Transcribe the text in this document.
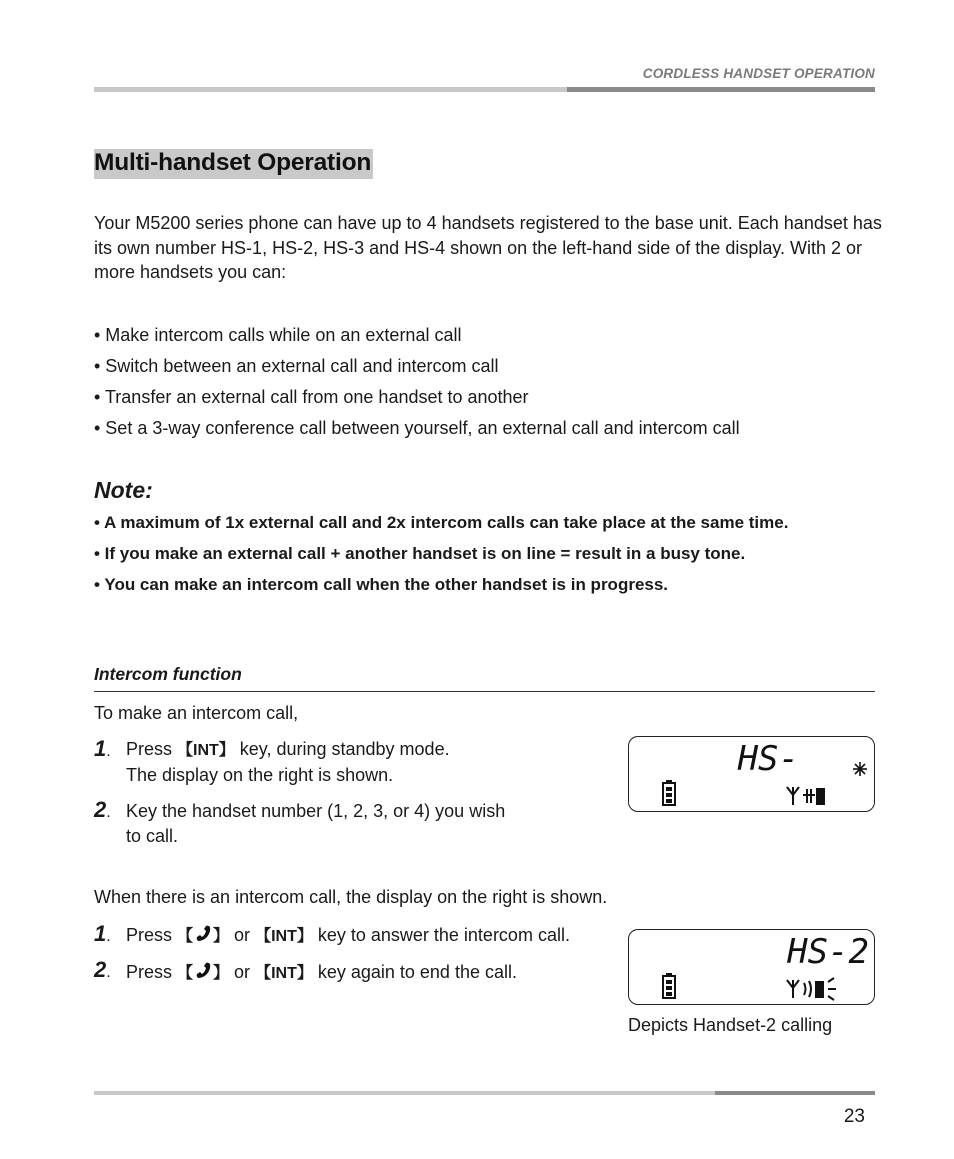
CORDLESS HANDSET OPERATION
Multi-handset Operation
Your M5200 series phone can have up to 4 handsets registered to the base unit. Each handset has its own number HS-1, HS-2, HS-3 and HS-4 shown on the left-hand side of the display. With 2 or more handsets you can:
• Make intercom calls while on an external call
• Switch between an external call and intercom call
• Transfer an external call from one handset to another
• Set a 3-way conference call between yourself, an external call and intercom call
Note:
• A maximum of 1x external call and 2x intercom calls can take place at the same time.
• If you make an external call + another handset is on line = result in a busy tone.
• You can make an intercom call when the other handset is in progress.
Intercom function
To make an intercom call,
1. Press 【INT】 key, during standby mode.
The display on the right is shown.
2. Key the handset number (1, 2, 3, or 4) you wish
to call.
HS-
When there is an intercom call, the display on the right is shown.
1. Press 【 】 or 【INT】 key to answer the intercom call.
2. Press 【 】 or 【INT】 key again to end the call.	HS-2
Depicts Handset-2 calling
23
